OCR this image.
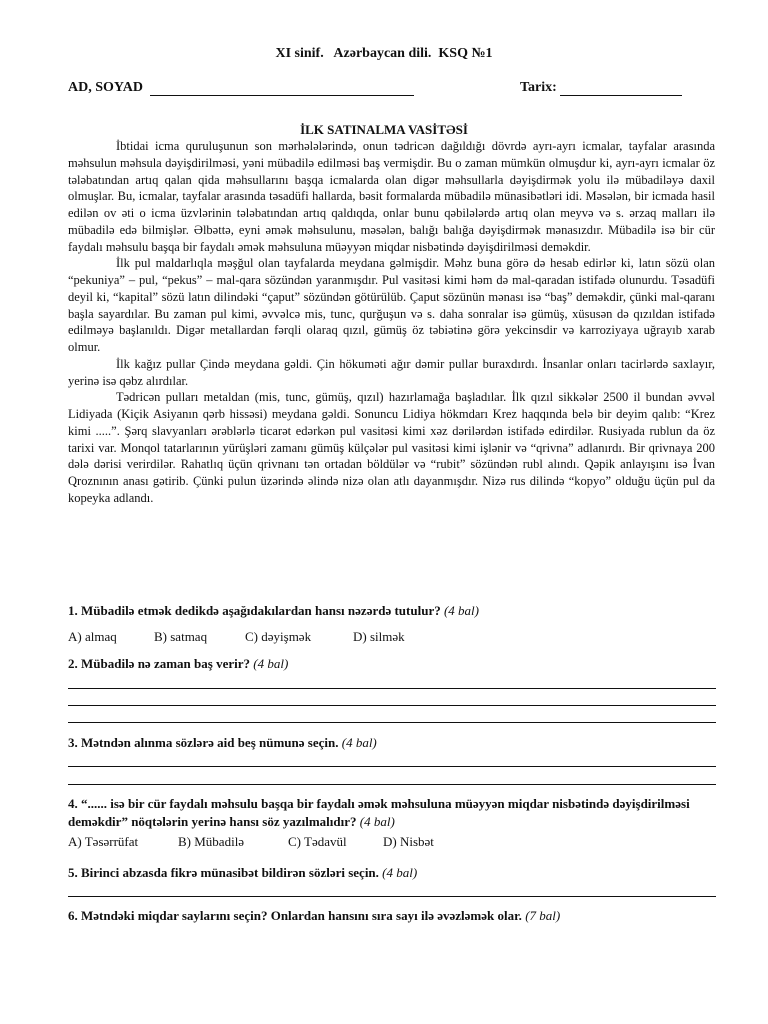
XI sinif.   Azərbaycan dili.  KSQ №1
AD, SOYAD	Tarix:
İLK SATINALMA VASİTƏSİ

İbtidai icma quruluşunun son mərhələlərində, onun tədricən dağıldığı dövrdə ayrı-ayrı icmalar, tayfalar arasında məhsulun məhsula dəyişdirilməsi, yəni mübadilə edilməsi baş vermişdir. Bu o zaman mümkün olmuşdur ki, ayrı-ayrı icmalar öz tələbatından artıq qalan qida məhsullarını başqa icmalarda olan digər məhsullarla dəyişdirmək yolu ilə mübadiləyə daxil olmuşlar. Bu, icmalar, tayfalar arasında təsadüfi hallarda, bəsit formalarda mübadilə münasibətləri idi. Məsələn, bir icmada hasil edilən ov əti o icma üzvlərinin tələbatından artıq qaldıqda, onlar bunu qəbilələrdə artıq olan meyvə və s. ərzaq malları ilə mübadilə edə bilmişlər. Əlbəttə, eyni əmək məhsulunu, məsələn, balığı balığa dəyişdirmək mənasızdır. Mübadilə isə bir cür faydalı məhsulu başqa bir faydalı əmək məhsuluna müəyyən miqdar nisbətində dəyişdirilməsi deməkdir.

İlk pul maldarlıqla məşğul olan tayfalarda meydana gəlmişdir. Məhz buna görə də hesab edirlər ki, latın sözü olan “pekuniya” – pul, “pekus” – mal-qara sözündən yaranmışdır. Pul vasitəsi kimi həm də mal-qaradan istifadə olunurdu. Təsadüfi deyil ki, “kapital” sözü latın dilindəki “çaput” sözündən götürülüb. Çaput sözünün mənası isə “baş” deməkdir, çünki mal-qaranı başla sayardılar. Bu zaman pul kimi, əvvəlcə mis, tunc, qurğuşun və s. daha sonralar isə gümüş, xüsusən də qızıldan istifadə edilməyə başlanıldı. Digər metallardan fərqli olaraq qızıl, gümüş öz təbiətinə görə yekcinsdir və karroziyaya uğrayıb xarab olmur.

İlk kağız pullar Çində meydana gəldi. Çin hökuməti ağır dəmir pullar buraxdırdı. İnsanlar onları tacirlərdə saxlayır, yerinə isə qəbz alırdılar.

Tədricən pulları metaldan (mis, tunc, gümüş, qızıl) hazırlamağa başladılar. İlk qızıl sikkələr 2500 il bundan əvvəl Lidiyada (Kiçik Asiyanın qərb hissəsi) meydana gəldi. Sonuncu Lidiya hökmdarı Krez haqqında belə bir deyim qalıb: “Krez kimi .....”. Şərq slavyanları ərəblərlə ticarət edərkən pul vasitəsi kimi xəz dərilərdən istifadə edirdilər. Rusiyada rublun da öz tarixi var. Monqol tatarlarının yürüşləri zamanı gümüş külçələr pul vasitəsi kimi işlənir və “qrivna” adlanırdı. Bir qrivnaya 200 dələ dərisi verirdilər. Rahatlıq üçün qrivnanı tən ortadan böldülər və “rubit” sözündən rubl alındı. Qəpik anlayışını isə İvan Qroznının anası gətirib. Çünki pulun üzərində əlində nizə olan atlı dayanmışdır. Nizə rus dilində “kopyo” olduğu üçün pul da kopeyka adlandı.

1. Mübadilə etmək dedikdə aşağıdakılardan hansı nəzərdə tutulur? (4 bal)
A) almaq	B) satmaq	C) dəyişmək	D) silmək
2. Mübadilə nə zaman baş verir? (4 bal)
3. Mətndən alınma sözlərə aid beş nümunə seçin. (4 bal)
4. “...... isə bir cür faydalı məhsulu başqa bir faydalı əmək məhsuluna müəyyən miqdar nisbətində dəyişdirilməsi deməkdir” nöqtələrin yerinə hansı söz yazılmalıdır? (4 bal)
A) Təsərrüfat	B) Mübadilə	C) Tədavül	D) Nisbət
5. Birinci abzasda fikrə münasibət bildirən sözləri seçin. (4 bal)
6. Mətndəki miqdar saylarını seçin? Onlardan hansını sıra sayı ilə əvəzləmək olar. (7 bal)
